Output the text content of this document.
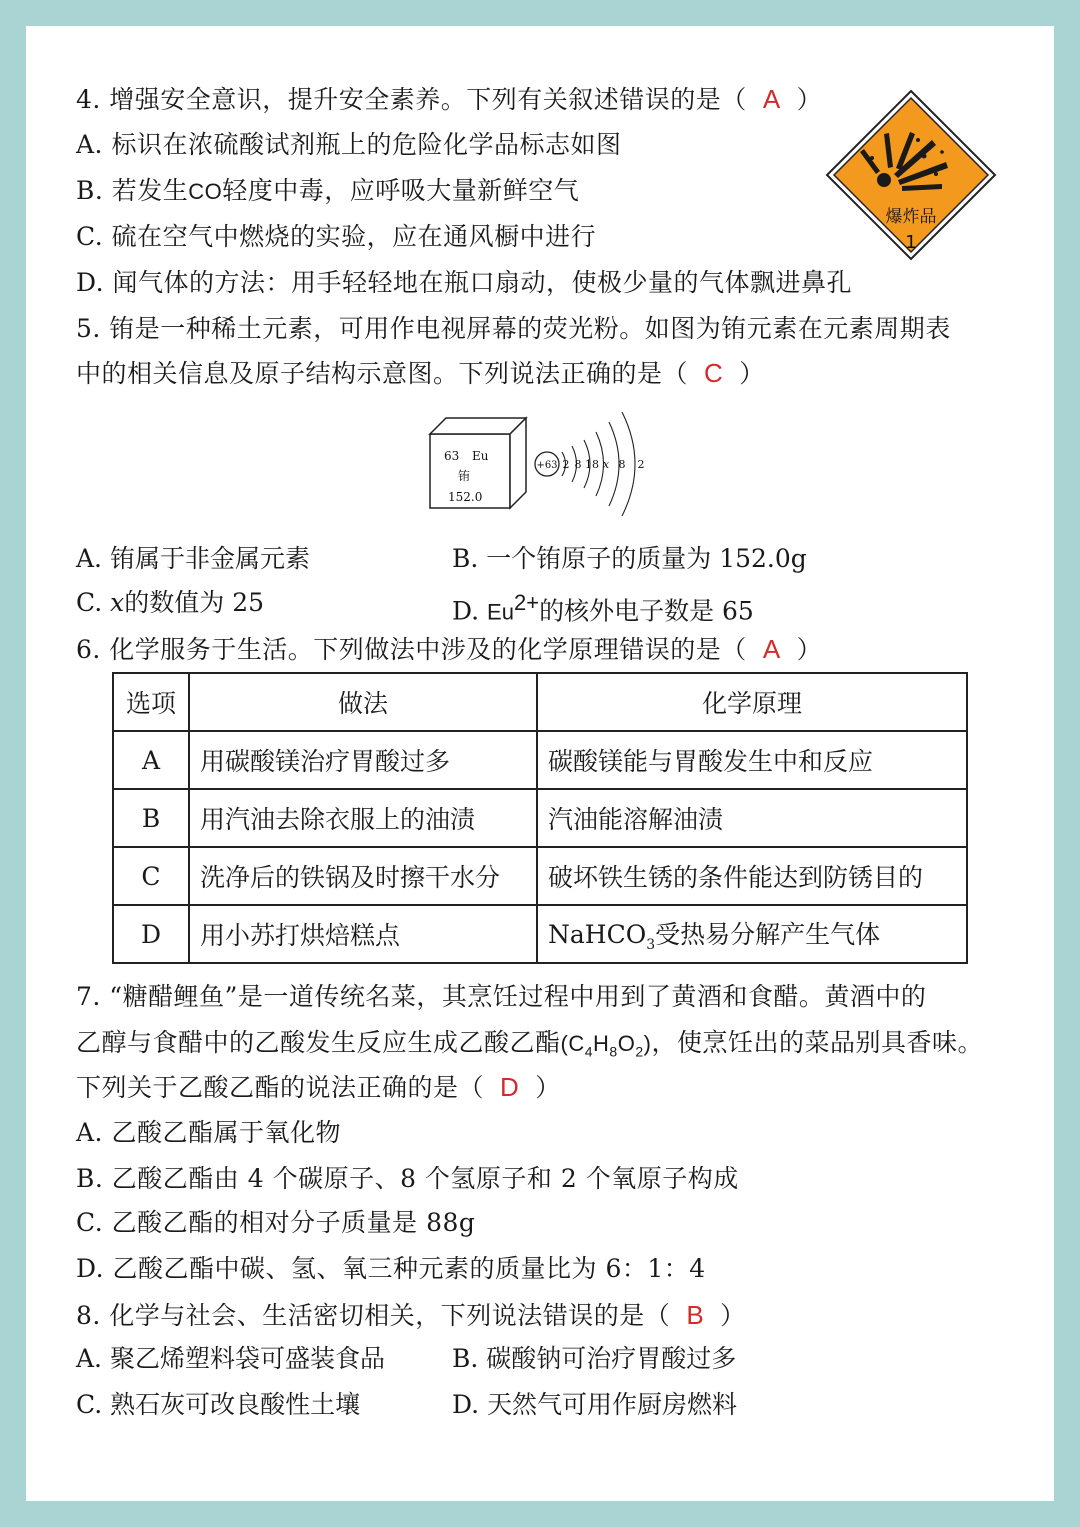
4. 增强安全意识，提升安全素养。下列有关叙述错误的是（ A ）
A. 标识在浓硫酸试剂瓶上的危险化学品标志如图
B. 若发生CO轻度中毒，应呼吸大量新鲜空气
C. 硫在空气中燃烧的实验，应在通风橱中进行
D. 闻气体的方法：用手轻轻地在瓶口扇动，使极少量的气体飘进鼻孔
爆炸品
1
5. 铕是一种稀土元素，可用作电视屏幕的荧光粉。如图为铕元素在元素周期表
中的相关信息及原子结构示意图。下列说法正确的是（ C ）
63 Eu
铕
152.0
+63 2 8 18 x 8 2
A. 铕属于非金属元素	B. 一个铕原子的质量为 152.0g
C. x的数值为 25	D. $Eu^{2+}$的核外电子数是 65
6. 化学服务于生活。下列做法中涉及的化学原理错误的是（ A ）
选项	做法	化学原理
A	用碳酸镁治疗胃酸过多	碳酸镁能与胃酸发生中和反应
B	用汽油去除衣服上的油渍	汽油能溶解油渍
C	洗净后的铁锅及时擦干水分	破坏铁生锈的条件能达到防锈目的
D	用小苏打烘焙糕点	NaHCO$_3$受热易分解产生气体
7. “糖醋鲤鱼”是一道传统名菜，其烹饪过程中用到了黄酒和食醋。黄酒中的
乙醇与食醋中的乙酸发生反应生成乙酸乙酯$(C_4H_8O_2)$，使烹饪出的菜品别具香味。
下列关于乙酸乙酯的说法正确的是（ D ）
A. 乙酸乙酯属于氧化物
B. 乙酸乙酯由 4 个碳原子、8 个氢原子和 2 个氧原子构成
C. 乙酸乙酯的相对分子质量是 88g
D. 乙酸乙酯中碳、氢、氧三种元素的质量比为 6：1：4
8. 化学与社会、生活密切相关，下列说法错误的是（ B ）
A. 聚乙烯塑料袋可盛装食品	B. 碳酸钠可治疗胃酸过多
C. 熟石灰可改良酸性土壤	D. 天然气可用作厨房燃料
